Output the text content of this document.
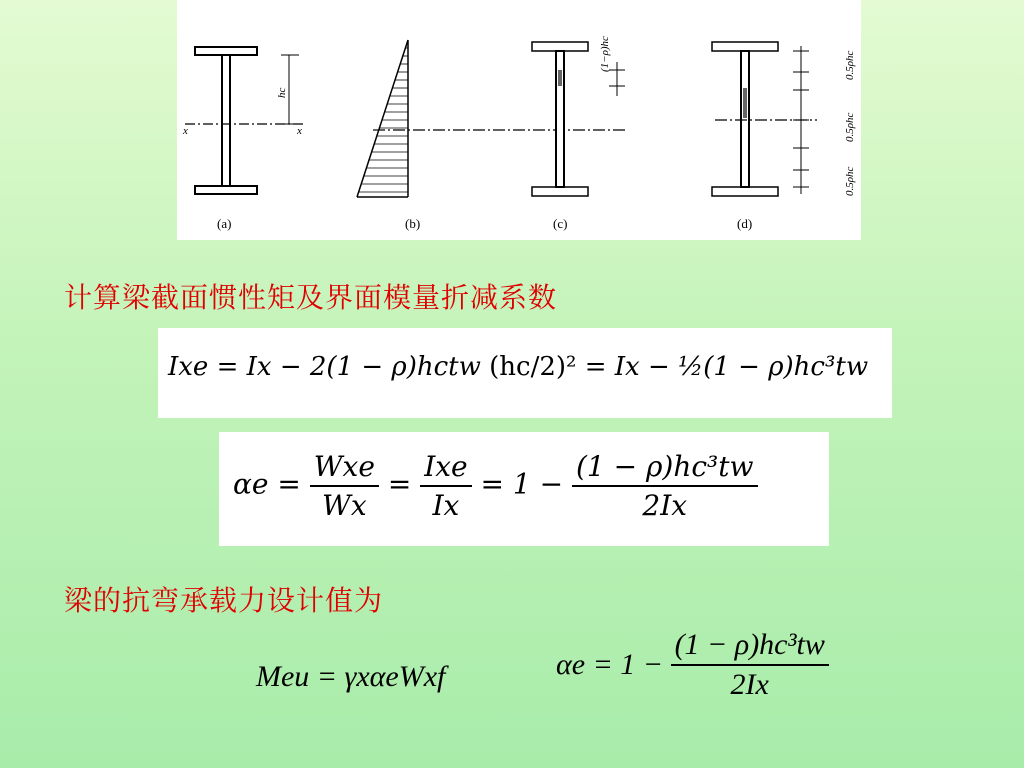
x	x
hc
(1−ρ)hc	0.5ρhc
0.5ρhc
0.5ρhc
(a)	(b)	(c)	(d)
计算梁截面惯性矩及界面模量折减系数
Ixe = Ix − 2(1 − ρ)hctw (hc/2)² = Ix − ½(1 − ρ)hc³tw
$\alpha e = \frac{\text{Wxe}}{Wx} = \frac{\text{Ixe}}{Ix} = 1 - \frac{\text{(1 − ρ)hc³tw}}{2Ix}$
梁的抗弯承载力设计值为
Meu = γxαeWxf	$\alpha e = 1 - \frac{\text{(1 − ρ)hc³tw}}{2Ix}$
